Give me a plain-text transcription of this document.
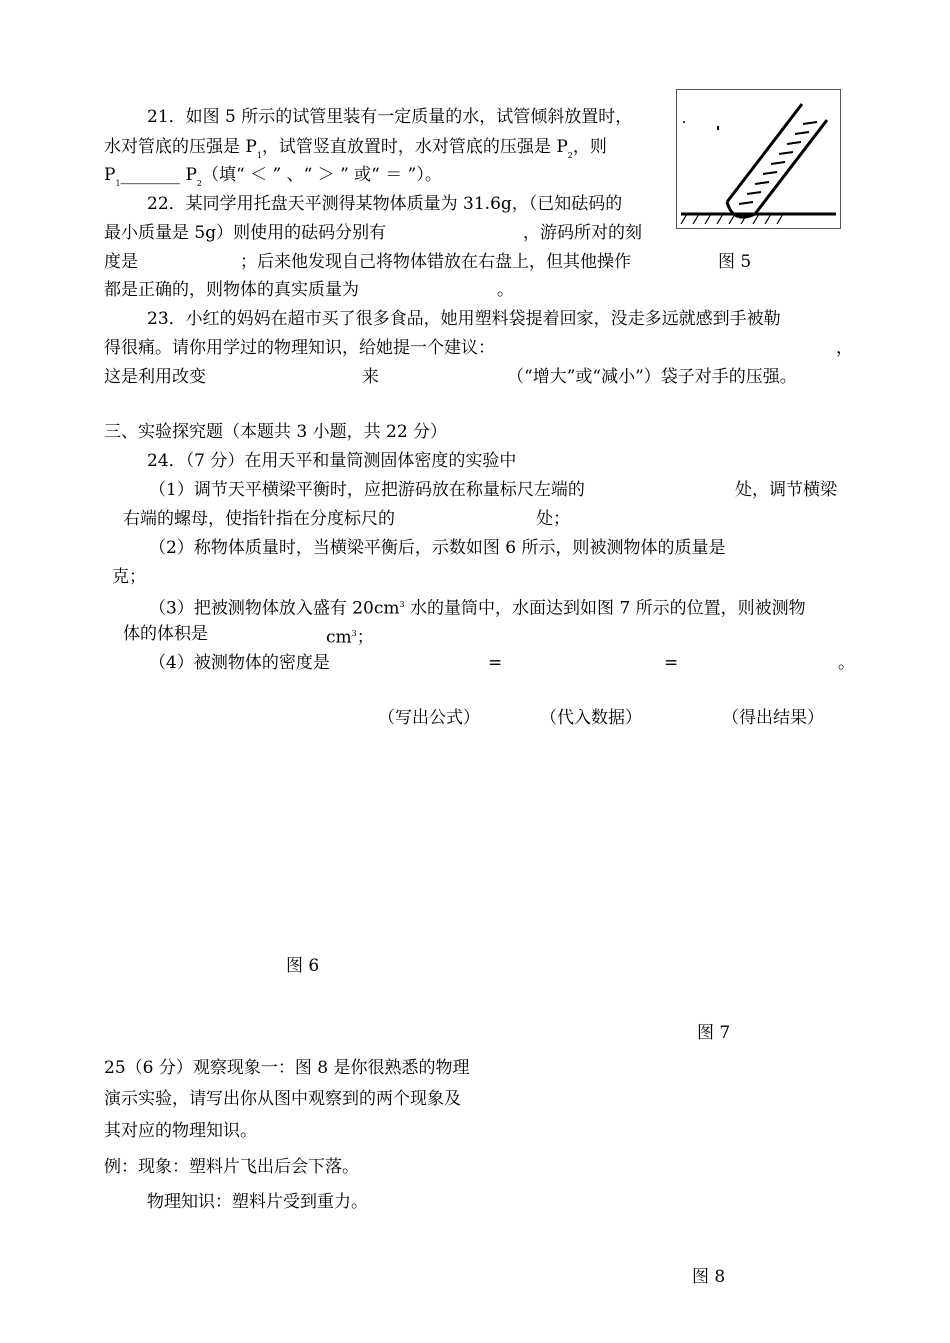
21．如图 5 所示的试管里装有一定质量的水，试管倾斜放置时，
水对管底的压强是 $P_1$，试管竖直放置时，水对管底的压强是 $P_2$，则
$P_1\_\_\_\_\_\_\_$ $P_2$（填“ ＜ ” 、“ ＞ ” 或“ ＝ ”）。
22．某同学用托盘天平测得某物体质量为 31.6g，（已知砝码的
最小质量是 5g）则使用的砝码分别有	，游码所对的刻
度是	；后来他发现自己将物体错放在右盘上，但其他操作	图 5
都是正确的，则物体的真实质量为	。
23．小红的妈妈在超市买了很多食品，她用塑料袋提着回家，没走多远就感到手被勒
得很痛。请你用学过的物理知识，给她提一个建议：	，
这是利用改变	来	（“增大”或“减小”）袋子对手的压强。
三、实验探究题（本题共 3 小题，共 22 分）
24．（7 分）在用天平和量筒测固体密度的实验中
（1）调节天平横梁平衡时，应把游码放在称量标尺左端的	处，调节横梁
右端的螺母，使指针指在分度标尺的	处；
（2）称物体质量时，当横梁平衡后，示数如图 6 所示，则被测物体的质量是
克；
（3）把被测物体放入盛有 $20cm^3$ 水的量筒中，水面达到如图 7 所示的位置，则被测物
体的体积是	$cm^3$；
（4）被测物体的密度是	=	=	。
（写出公式）	（代入数据）	（得出结果）
图 6
图 7
25（6 分）观察现象一：图 8 是你很熟悉的物理
演示实验，请写出你从图中观察到的两个现象及
其对应的物理知识。
例：现象：塑料片飞出后会下落。
物理知识：塑料片受到重力。
图 8
